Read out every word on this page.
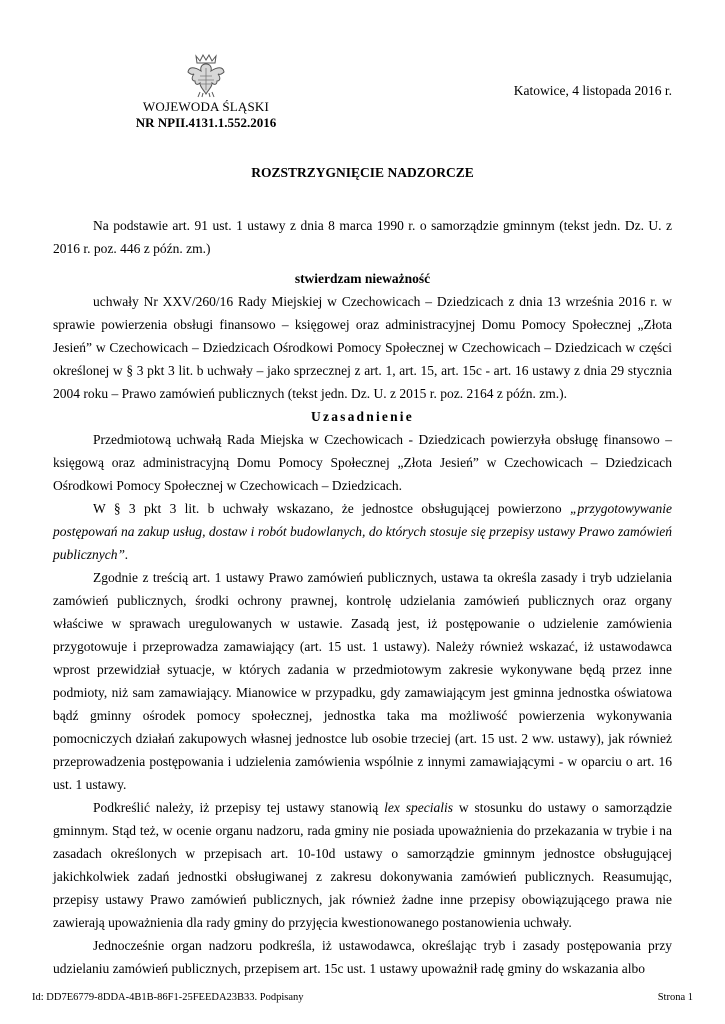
WOJEWODA ŚLĄSKI
NR NPII.4131.1.552.2016
Katowice, 4 listopada 2016 r.
ROZSTRZYGNIĘCIE NADZORCZE

Na podstawie art. 91 ust. 1 ustawy z dnia 8 marca 1990 r. o samorządzie gminnym (tekst jedn. Dz. U. z 2016 r. poz. 446 z późn. zm.)

stwierdzam nieważność

uchwały Nr XXV/260/16 Rady Miejskiej w Czechowicach – Dziedzicach z dnia 13 września 2016 r. w sprawie powierzenia obsługi finansowo – księgowej oraz administracyjnej Domu Pomocy Społecznej „Złota Jesień” w Czechowicach – Dziedzicach Ośrodkowi Pomocy Społecznej w Czechowicach – Dziedzicach w części określonej w § 3 pkt 3 lit. b uchwały – jako sprzecznej z art. 1, art. 15, art. 15c - art. 16 ustawy z dnia 29 stycznia 2004 roku – Prawo zamówień publicznych (tekst jedn. Dz. U. z 2015 r. poz. 2164 z późn. zm.).

Uzasadnienie

Przedmiotową uchwałą Rada Miejska w Czechowicach - Dziedzicach powierzyła obsługę finansowo – księgową oraz administracyjną Domu Pomocy Społecznej „Złota Jesień” w Czechowicach – Dziedzicach Ośrodkowi Pomocy Społecznej w Czechowicach – Dziedzicach.

W § 3 pkt 3 lit. b uchwały wskazano, że jednostce obsługującej powierzono „przygotowywanie postępowań na zakup usług, dostaw i robót budowlanych, do których stosuje się przepisy ustawy Prawo zamówień publicznych”.

Zgodnie z treścią art. 1 ustawy Prawo zamówień publicznych, ustawa ta określa zasady i tryb udzielania zamówień publicznych, środki ochrony prawnej, kontrolę udzielania zamówień publicznych oraz organy właściwe w sprawach uregulowanych w ustawie. Zasadą jest, iż postępowanie o udzielenie zamówienia przygotowuje i przeprowadza zamawiający (art. 15 ust. 1 ustawy). Należy również wskazać, iż ustawodawca wprost przewidział sytuacje, w których zadania w przedmiotowym zakresie wykonywane będą przez inne podmioty, niż sam zamawiający. Mianowice w przypadku, gdy zamawiającym jest gminna jednostka oświatowa bądź gminny ośrodek pomocy społecznej, jednostka taka ma możliwość powierzenia wykonywania pomocniczych działań zakupowych własnej jednostce lub osobie trzeciej (art. 15 ust. 2 ww. ustawy), jak również przeprowadzenia postępowania i udzielenia zamówienia wspólnie z innymi zamawiającymi - w oparciu o art. 16 ust. 1 ustawy.

Podkreślić należy, iż przepisy tej ustawy stanowią lex specialis w stosunku do ustawy o samorządzie gminnym. Stąd też, w ocenie organu nadzoru, rada gminy nie posiada upoważnienia do przekazania w trybie i na zasadach określonych w przepisach art. 10-10d ustawy o samorządzie gminnym jednostce obsługującej jakichkolwiek zadań jednostki obsługiwanej z zakresu dokonywania zamówień publicznych. Reasumując, przepisy ustawy Prawo zamówień publicznych, jak również żadne inne przepisy obowiązującego prawa nie zawierają upoważnienia dla rady gminy do przyjęcia kwestionowanego postanowienia uchwały.

Jednocześnie organ nadzoru podkreśla, iż ustawodawca, określając tryb i zasady postępowania przy udzielaniu zamówień publicznych, przepisem art. 15c ust. 1 ustawy upoważnił radę gminy do wskazania albo

Id: DD7E6779-8DDA-4B1B-86F1-25FEEDA23B33. Podpisany	Strona 1
